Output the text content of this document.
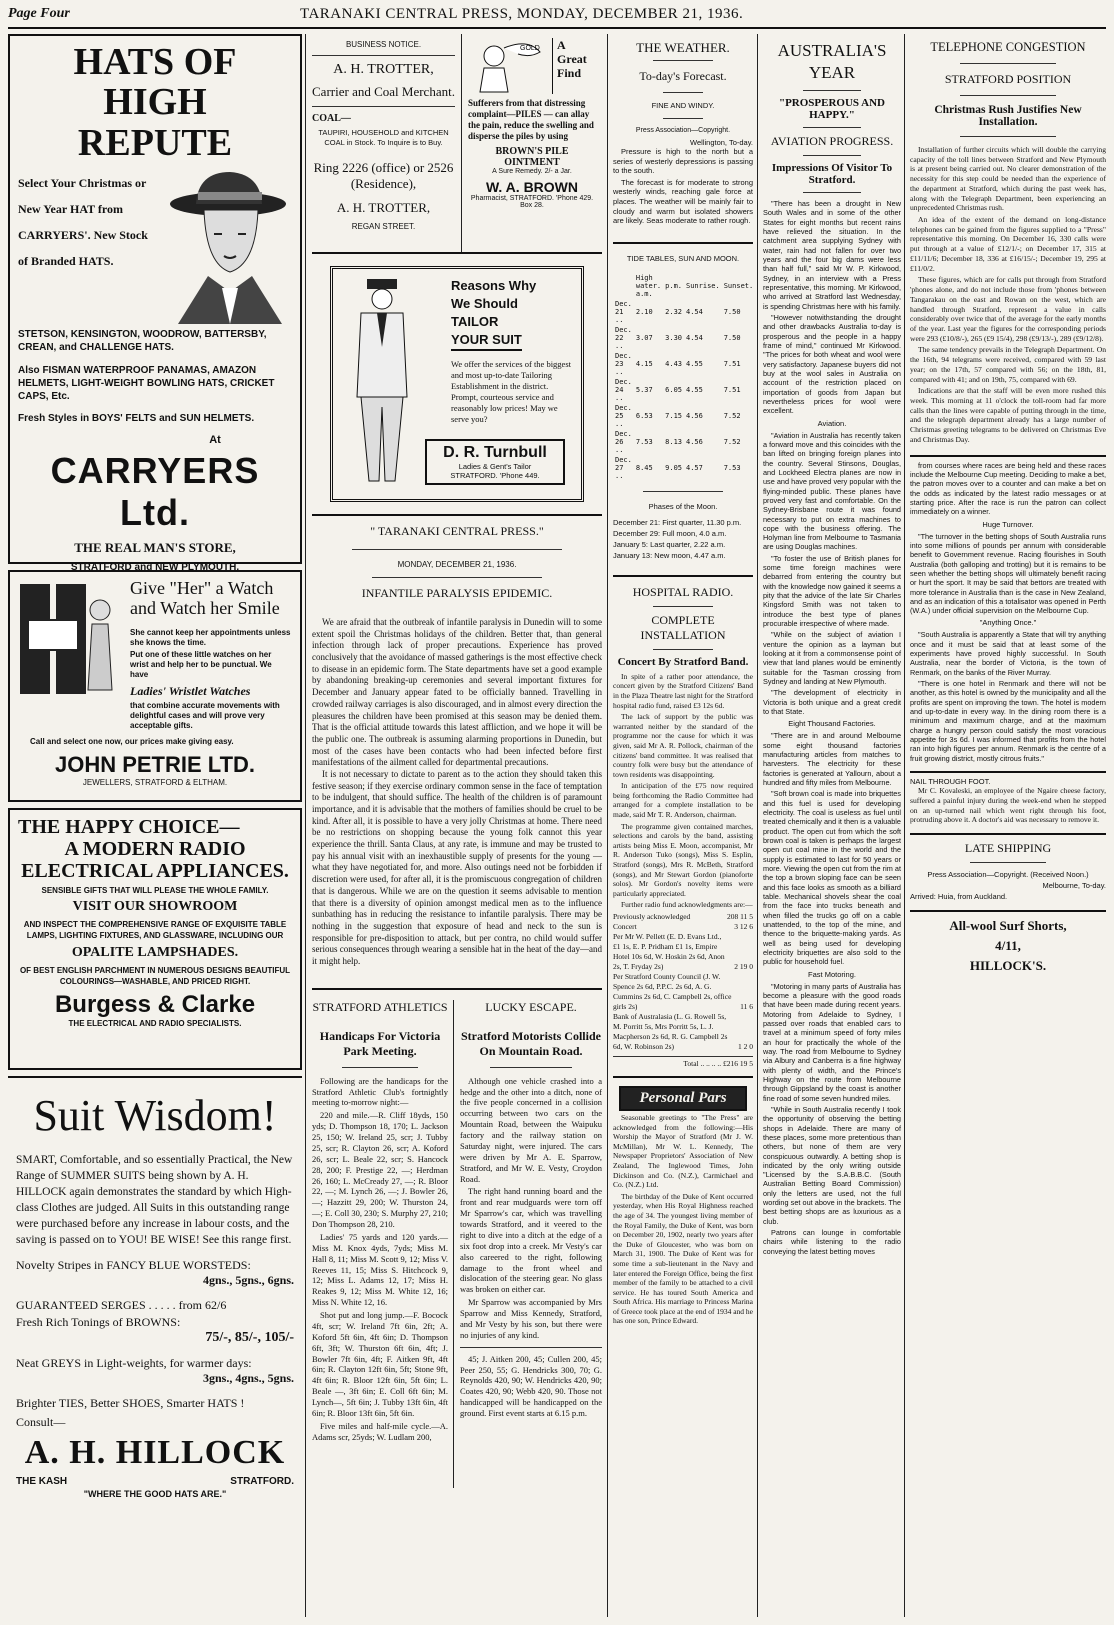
Page Four	TARANAKI CENTRAL PRESS, MONDAY, DECEMBER 21, 1936.
HATS OF HIGH
REPUTE
Select Your Christmas or
New Year HAT from
CARRYERS'. New Stock
of Branded HATS.
STETSON, KENSINGTON, WOODROW, BATTERSBY, CREAN, and CHALLENGE HATS.
Also FISMAN WATERPROOF PANAMAS, AMAZON HELMETS, LIGHT-WEIGHT BOWLING HATS, CRICKET CAPS, Etc.
Fresh Styles in BOYS' FELTS and SUN HELMETS.
At
CARRYERS Ltd.
THE REAL MAN'S STORE,
STRATFORD and NEW PLYMOUTH.
Give "Her" a Watch
and Watch her Smile
She cannot keep her appointments unless she knows the time.
Put one of these little watches on her wrist and help her to be punctual. We have
Ladies' Wristlet Watches
that combine accurate movements with delightful cases and will prove very acceptable gifts.
Call and select one now, our prices make giving easy.
JOHN PETRIE LTD.
JEWELLERS, STRATFORD & ELTHAM.
THE HAPPY CHOICE—
A MODERN RADIO
ELECTRICAL APPLIANCES.
SENSIBLE GIFTS THAT WILL PLEASE THE WHOLE FAMILY.
VISIT OUR SHOWROOM
AND INSPECT THE COMPREHENSIVE RANGE OF EXQUISITE TABLE LAMPS, LIGHTING FIXTURES, AND GLASSWARE, INCLUDING OUR
OPALITE LAMPSHADES.
OF BEST ENGLISH PARCHMENT IN NUMEROUS DESIGNS BEAUTIFUL COLOURINGS—WASHABLE, AND PRICED RIGHT.
Burgess & Clarke
THE ELECTRICAL AND RADIO SPECIALISTS.
Suit Wisdom!
SMART, Comfortable, and so essentially Practical, the New Range of SUMMER SUITS being shown by A. H. HILLOCK again demonstrates the standard by which High-class Clothes are judged. All Suits in this outstanding range were purchased before any increase in labour costs, and the saving is passed on to YOU! BE WISE! See this range first.
Novelty Stripes in FANCY BLUE WORSTEDS:
4gns., 5gns., 6gns.
GUARANTEED SERGES . . . . . from 62/6
Fresh Rich Tonings of BROWNS:
75/-, 85/-, 105/-
Neat GREYS in Light-weights, for warmer days:
3gns., 4gns., 5gns.
Brighter TIES, Better SHOES, Smarter HATS !
Consult—
A. H. HILLOCK
THE KASH	STRATFORD.
"WHERE THE GOOD HATS ARE."
BUSINESS NOTICE.
A. H. TROTTER,
Carrier and Coal Merchant.
COAL—
TAUPIRI, HOUSEHOLD and KITCHEN COAL in Stock. To Inquire is to Buy.
Ring 2226 (office) or 2526 (Residence),
A. H. TROTTER,
REGAN STREET.
GOLD	A Great Find
Sufferers from that distressing complaint—PILES — can allay the pain, reduce the swelling and disperse the piles by using
BROWN'S PILE OINTMENT
A Sure Remedy. 2/- a Jar.
W. A. BROWN
Pharmacist, STRATFORD. 'Phone 429. Box 28.
Reasons Why
We Should
TAILOR
YOUR SUIT
We offer the services of the biggest and most up-to-date Tailoring Establishment in the district. Prompt, courteous service and reasonably low prices! May we serve you?
D. R. Turnbull
Ladies & Gent's Tailor
STRATFORD. 'Phone 449.
" TARANAKI CENTRAL PRESS."
MONDAY, DECEMBER 21, 1936.
INFANTILE PARALYSIS EPIDEMIC.

We are afraid that the outbreak of infantile paralysis in Dunedin will to some extent spoil the Christmas holidays of the children. Better that, than general infection through lack of proper precautions. Experience has proved conclusively that the avoidance of massed gatherings is the most effective check to disease in an epidemic form. The State departments have set a good example by abandoning breaking-up ceremonies and several important fixtures for December and January appear fated to be officially banned. Travelling in crowded railway carriages is also discouraged, and in almost every direction the pleasures the children have been promised at this season may be denied them. That is the official attitude towards this latest affliction, and we hope it will be the public one. The outbreak is assuming alarming proportions in Dunedin, but most of the cases have been contacts who had been infected before first manifestations of the ailment called for departmental precautions.

It is not necessary to dictate to parent as to the action they should taken this festive season; if they exercise ordinary common sense in the face of temptation to be indulgent, that should suffice. The health of the children is of paramount importance, and it is advisable that the mothers of families should be cruel to be kind. After all, it is possible to have a very jolly Christmas at home. There need be no restrictions on shopping because the young folk cannot this year experience the thrill. Santa Claus, at any rate, is immune and may be trusted to pay his annual visit with an inexhaustible supply of presents for the young —what they have negotiated for, and more. Also outings need not be forbidden if discretion were used, for after all, it is the promiscuous congregation of children that is dangerous. While we are on the question it seems advisable to mention that there is a diversity of opinion amongst medical men as to the influence sunbathing has in reducing the resistance to infantile paralysis. There may be nothing in the suggestion that exposure of head and neck to the sun is responsible for pre-disposition to attack, but per contra, no child would suffer serious consequences through wearing a sensible hat in the heat of the day—and it might help.

STRATFORD ATHLETICS
Handicaps For Victoria Park Meeting.

Following are the handicaps for the Stratford Athletic Club's fortnightly meeting to-morrow night:—

220 and mile.—R. Cliff 18yds, 150 yds; D. Thompson 18, 170; L. Jackson 25, 150; W. Ireland 25, scr; J. Tubby 25, scr; R. Clayton 26, scr; A. Koford 26, scr; L. Beale 22, scr; S. Hancock 28, 200; F. Prestige 22, —; Herdman 26, 160; L. McCready 27, —; R. Bloor 22, —; M. Lynch 26, —; J. Bowler 26, —; Hazzitt 29, 200; W. Thurston 24, —; E. Coll 30, 230; S. Murphy 27, 210; Don Thompson 28, 210.

Ladies' 75 yards and 120 yards.—Miss M. Knox 4yds, 7yds; Miss M. Hall 8, 11; Miss M. Scott 9, 12; Miss V. Reeves 11, 15; Miss S. Hitchcock 9, 12; Miss L. Adams 12, 17; Miss H. Reakes 9, 12; Miss M. White 12, 16; Miss N. White 12, 16.

Shot put and long jump.—F. Bocock 4ft, scr; W. Ireland 7ft 6in, 2ft; A. Koford 5ft 6in, 4ft 6in; D. Thompson 6ft, 3ft; W. Thurston 6ft 6in, 4ft; J. Bowler 7ft 6in, 4ft; F. Aitken 9ft, 4ft 6in; R. Clayton 12ft 6in, 5ft; Stone 9ft, 4ft 6in; R. Bloor 12ft 6in, 5ft 6in; L. Beale —, 3ft 6in; E. Coll 6ft 6in; M. Lynch—, 5ft 6in; J. Tubby 13ft 6in, 4ft 6in; R. Bloor 13ft 6in, 5ft 6in.

Five miles and half-mile cycle.—A. Adams scr, 25yds; W. Ludlam 200,

LUCKY ESCAPE.
Stratford Motorists Collide On Mountain Road.

Although one vehicle crashed into a hedge and the other into a ditch, none of the five people concerned in a collision occurring between two cars on the Mountain Road, between the Waipuku factory and the railway station on Saturday night, were injured. The cars were driven by Mr A. E. Sparrow, Stratford, and Mr W. E. Vesty, Croydon Road.

The right hand running board and the front and rear mudguards were torn off Mr Sparrow's car, which was travelling towards Stratford, and it veered to the right to dive into a ditch at the edge of a six foot drop into a creek. Mr Vesty's car also careered to the right, following damage to the front wheel and dislocation of the steering gear. No glass was broken on either car.

Mr Sparrow was accompanied by Mrs Sparrow and Miss Kennedy, Stratford, and Mr Vesty by his son, but there were no injuries of any kind.

45; J. Aitken 200, 45; Cullen 200, 45; Peer 250, 55; G. Hendricks 300, 70; G. Reynolds 420, 90; W. Hendricks 420, 90; Coates 420, 90; Webb 420, 90. Those not handicapped will be handicapped on the ground. First event starts at 6.15 p.m.

THE WEATHER.
To-day's Forecast.
FINE AND WINDY.
Press Association—Copyright.
Wellington, To-day.

Pressure is high to the north but a series of westerly depressions is passing to the south.

The forecast is for moderate to strong westerly winds, reaching gale force at places. The weather will be mainly fair to cloudy and warm but isolated showers are likely. Seas moderate to rather rough.

TIDE TABLES, SUN AND MOON.
	High water. a.m.	p.m.	Sunrise.	Sunset.
Dec. 21 ..	2.10	2.32	4.54	7.50
Dec. 22 ..	3.07	3.30	4.54	7.50
Dec. 23 ..	4.15	4.43	4.55	7.51
Dec. 24 ..	5.37	6.05	4.55	7.51
Dec. 25 ..	6.53	7.15	4.56	7.52
Dec. 26 ..	7.53	8.13	4.56	7.52
Dec. 27 ..	8.45	9.05	4.57	7.53
Phases of the Moon.
December 21: First quarter, 11.30 p.m.
December 29: Full moon, 4.0 a.m.
January 5: Last quarter, 2.22 a.m.
January 13: New moon, 4.47 a.m.
HOSPITAL RADIO.
COMPLETE INSTALLATION
Concert By Stratford Band.

In spite of a rather poor attendance, the concert given by the Stratford Citizens' Band in the Plaza Theatre last night for the Stratford hospital radio fund, raised £3 12s 6d.

The lack of support by the public was warranted neither by the standard of the programme nor the cause for which it was given, said Mr A. R. Pollock, chairman of the citizens' band committee. It was realised that country folk were busy but the attendance of town residents was disappointing.

In anticipation of the £75 now required being forthcoming the Radio Committee had arranged for a complete installation to be made, said Mr T. R. Anderson, chairman.

The programme given contained marches, selections and carols by the band, assisting artists being Miss E. Moon, accompanist, Mr R. Anderson Tuko (songs), Miss S. Esplin, Stratford (songs), Mrs R. McBeth, Stratford (songs), and Mr Stewart Gordon (pianoforte solos). Mr Gordon's novelty items were particularly appreciated.

Further radio fund acknowledgments are:—

Previously acknowledged	208 11 5
Concert	3 12 6
Per Mr W. Pellett (E. D. Evans Ltd., £1 1s, E. P. Pridham £1 1s, Empire Hotel 10s 6d, W. Hoskin 2s 6d, Anon 2s, T. Fryday 2s)	2 19 0
Per Stratford County Council (J. W. Spence 2s 6d, P.P.C. 2s 6d, A. G. Cummins 2s 6d, C. Campbell 2s, office girls 2s)	11 6
Bank of Australasia (L. G. Rowell 5s, M. Porritt 5s, Mrs Porritt 5s, L. J. Macpherson 2s 6d, R. G. Campbell 2s 6d, W. Robinson 2s)	1 2 0
Total .. .. .. .. £216 19 5
Personal Pars

Seasonable greetings to "The Press" are acknowledged from the following:—His Worship the Mayor of Stratford (Mr J. W. McMillan), Mr W. L. Kennedy, The Newspaper Proprietors' Association of New Zealand, The Inglewood Times, John Dickinson and Co. (N.Z.), Carmichael and Co. (N.Z.) Ltd.

The birthday of the Duke of Kent occurred yesterday, when His Royal Highness reached the age of 34. The youngest living member of the Royal Family, the Duke of Kent, was born on December 20, 1902, nearly two years after the Duke of Gloucester, who was born on March 31, 1900. The Duke of Kent was for some time a sub-lieutenant in the Navy and later entered the Foreign Office, being the first member of the family to be attached to a civil service. He has toured South America and South Africa. His marriage to Princess Marina of Greece took place at the end of 1934 and he has one son, Prince Edward.

AUSTRALIA'S YEAR
"PROSPEROUS AND HAPPY."
AVIATION PROGRESS.
Impressions Of Visitor To Stratford.

"There has been a drought in New South Wales and in some of the other States for eight months but recent rains have relieved the situation. In the catchment area supplying Sydney with water, rain had not fallen for over two years and the four big dams were less than half full," said Mr W. P. Kirkwood, Sydney, in an interview with a Press representative, this morning. Mr Kirkwood, who arrived at Stratford last Wednesday, is spending Christmas here with his family.

"However notwithstanding the drought and other drawbacks Australia to-day is prosperous and the people in a happy frame of mind," continued Mr Kirkwood. "The prices for both wheat and wool were very satisfactory. Japanese buyers did not buy at the wool sales in Australia on account of the restriction placed on importation of goods from Japan but nevertheless prices for wool were excellent.

Aviation.

"Aviation in Australia has recently taken a forward move and this coincides with the ban lifted on bringing foreign planes into the country. Several Stinsons, Douglas, and Lockheed Electra planes are now in use and have proved very popular with the flying-minded public. These planes have proved very fast and comfortable. On the Sydney-Brisbane route it was found necessary to put on extra machines to cope with the business offering. The Holyman line from Melbourne to Tasmania are using Douglas machines.

"To foster the use of British planes for some time foreign machines were debarred from entering the country but with the knowledge now gained it seems a pity that the advice of the late Sir Charles Kingsford Smith was not taken to introduce the best type of planes procurable irrespective of where made.

"While on the subject of aviation I venture the opinion as a layman but looking at it from a commonsense point of view that land planes would be eminently suitable for the Tasman crossing from Sydney and landing at New Plymouth.

"The development of electricity in Victoria is both unique and a great credit to that State.

Eight Thousand Factories.

"There are in and around Melbourne some eight thousand factories manufacturing articles from matches to harvesters. The electricity for these factories is generated at Yallourn, about a hundred and fifty miles from Melbourne.

"Soft brown coal is made into briquettes and this fuel is used for developing electricity. The coal is useless as fuel until treated chemically and it then is a valuable product. The open cut from which the soft brown coal is taken is perhaps the largest open cut coal mine in the world and the supply is estimated to last for 50 years or more. Viewing the open cut from the rim at the top a brown sloping face can be seen and this face looks as smooth as a billiard table. Mechanical shovels shear the coal from the face into trucks beneath and when filled the trucks go off on a cable unattended, to the top of the mine, and thence to the briquette-making yards. As well as being used for developing electricity briquettes are also sold to the public for household fuel.

Fast Motoring.

"Motoring in many parts of Australia has become a pleasure with the good roads that have been made during recent years. Motoring from Adelaide to Sydney, I passed over roads that enabled cars to travel at a minimum speed of forty miles an hour for practically the whole of the way. The road from Melbourne to Sydney via Albury and Canberra is a fine highway with plenty of width, and the Prince's Highway on the route from Melbourne through Gippsland by the coast is another fine road of some seven hundred miles.

"While in South Australia recently I took the opportunity of observing the betting shops in Adelaide. There are many of these places, some more pretentious than others, but none of them are very conspicuous outwardly. A betting shop is indicated by the only writing outside "Licensed by the S.A.B.B.C. (South Australian Betting Board Commission) only the letters are used, not the full wording set out above in the brackets. The best betting shops are as luxurious as a club.

Patrons can lounge in comfortable chairs while listening to the radio conveying the latest betting moves

TELEPHONE CONGESTION
STRATFORD POSITION
Christmas Rush Justifies New Installation.

Installation of further circuits which will double the carrying capacity of the toll lines between Stratford and New Plymouth is at present being carried out. No clearer demonstration of the necessity for this step could be needed than the experience of the department at Stratford, which during the past week has, along with the Telegraph Department, been experiencing an unprecedented Christmas rush.

An idea of the extent of the demand on long-distance telephones can be gained from the figures supplied to a "Press" representative this morning. On December 16, 330 calls were put through at a value of £12/1/-; on December 17, 315 at £11/11/6; December 18, 336 at £16/15/-; December 19, 295 at £11/0/2.

These figures, which are for calls put through from Stratford 'phones alone, and do not include those from 'phones between Tangarakau on the east and Rowan on the west, which are handled through Stratford, represent a value in calls considerably over twice that of the average for the early months of the year. Last year the figures for the corresponding periods were 293 (£10/8/-), 265 (£9 15/4), 298 (£9/13/-), 289 (£9/12/8).

The same tendency prevails in the Telegraph Department. On the 16th, 94 telegrams were received, compared with 59 last year; on the 17th, 57 compared with 56; on the 18th, 81, compared with 41; and on 19th, 75, compared with 69.

Indications are that the staff will be even more rushed this week. This morning at 11 o'clock the toll-room had far more calls than the lines were capable of putting through in the time, and the telegraph department already has a large number of Christmas greeting telegrams to be delivered on Christmas Eve and Christmas Day.

from courses where races are being held and these races include the Melbourne Cup meeting. Deciding to make a bet, the patron moves over to a counter and can make a bet on the odds as indicated by the latest radio messages or at starting price. After the race is run the patron can collect immediately on a winner.

Huge Turnover.

"The turnover in the betting shops of South Australia runs into some millions of pounds per annum with considerable benefit to Government revenue. Racing flourishes in South Australia (both galloping and trotting) but it is remains to be seen whether the betting shops will ultimately benefit racing or hurt the sport. It may be said that bettors are treated with more tolerance in Australia than is the case in New Zealand, and as an indication of this a totalisator was opened in Perth (W.A.) under official supervision on the Melbourne Cup.

"Anything Once."

"South Australia is apparently a State that will try anything once and it must be said that at least some of the experiments have proved highly successful. In South Australia, near the border of Victoria, is the town of Renmark, on the banks of the River Murray.

"There is one hotel in Renmark and there will not be another, as this hotel is owned by the municipality and all the profits are spent on improving the town. The hotel is modern and up-to-date in every way. In the dining room there is a minimum and maximum charge, and at the maximum charge a hungry person could satisfy the most voracious appetite for 3s 6d. I was informed that profits from the hotel ran into high figures per annum. Renmark is the centre of a fruit growing district, mostly citrous fruits."

NAIL THROUGH FOOT.

Mr C. Kovaleski, an employee of the Ngaire cheese factory, suffered a painful injury during the week-end when he stepped on an up-turned nail which went right through his foot, protruding above it. A doctor's aid was necessary to remove it.

LATE SHIPPING
Press Association—Copyright. (Received Noon.)
Melbourne, To-day.
Arrived: Huia, from Auckland.
All-wool Surf Shorts,
4/11,
HILLOCK'S.
